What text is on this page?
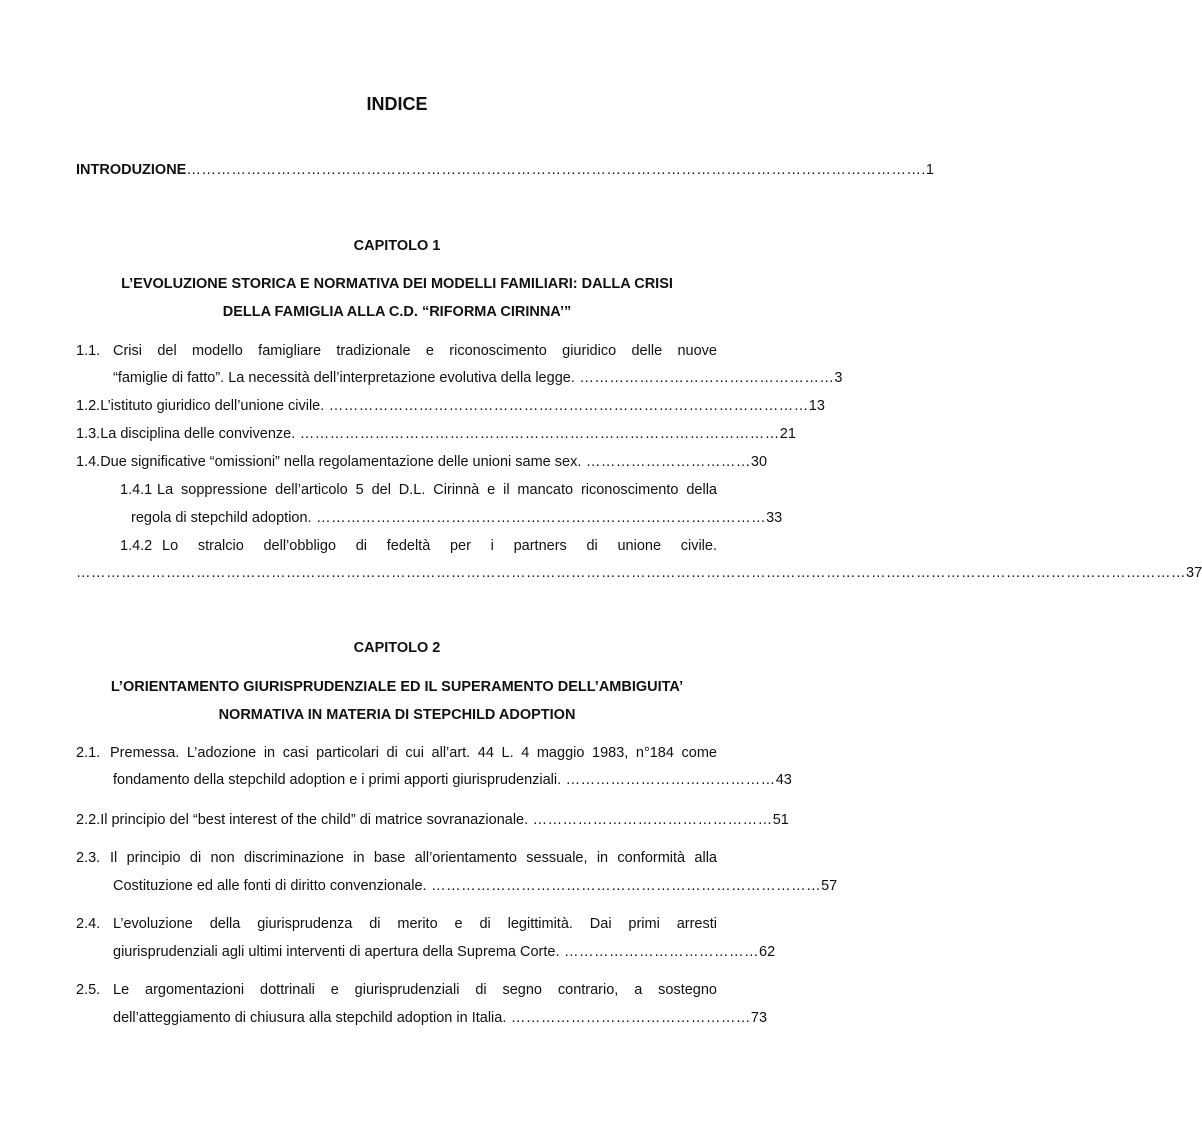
INDICE
INTRODUZIONE …………………………………………………………………………………………………………………………………. 1
CAPITOLO 1
L’EVOLUZIONE STORICA E NORMATIVA DEI MODELLI FAMILIARI: DALLA CRISI
DELLA FAMIGLIA ALLA C.D. “RIFORMA CIRINNA’”
1.1. Crisi del modello famigliare tradizionale e riconoscimento giuridico delle nuove
“famiglie di fatto”. La necessità dell’interpretazione evolutiva della legge. …………………………………………… 3
1.2. L’istituto giuridico dell’unione civile. …………………………………………………………………………………… 13
1.3. La disciplina delle convivenze. …………………………………………………………………………………… 21
1.4. Due significative “omissioni” nella regolamentazione delle unioni same sex. …………………………… 30
1.4.1 La soppressione dell’articolo 5 del D.L. Cirinnà e il mancato riconoscimento della
regola di stepchild adoption. ……………………………………………………………………………… 33
1.4.2 Lo stralcio dell’obbligo di fedeltà per i partners di unione civile.
…………………………………………………………………………………………………………………………………………………………………………………………………… 37
CAPITOLO 2
L’ORIENTAMENTO GIURISPRUDENZIALE ED IL SUPERAMENTO DELL’AMBIGUITA’
NORMATIVA IN MATERIA DI STEPCHILD ADOPTION
2.1. Premessa. L’adozione in casi particolari di cui all’art. 44 L. 4 maggio 1983, n°184 come
fondamento della stepchild adoption e i primi apporti giurisprudenziali. …………………………………… 43
2.2. Il principio del “best interest of the child” di matrice sovranazionale. ………………………………………… 51
2.3. Il principio di non discriminazione in base all’orientamento sessuale, in conformità alla
Costituzione ed alle fonti di diritto convenzionale. …………………………………………………………………… 57
2.4. L’evoluzione della giurisprudenza di merito e di legittimità. Dai primi arresti
giurisprudenziali agli ultimi interventi di apertura della Suprema Corte. ………………………………… 62
2.5. Le argomentazioni dottrinali e giurisprudenziali di segno contrario, a sostegno
dell’atteggiamento di chiusura alla stepchild adoption in Italia. ………………………………………… 73
